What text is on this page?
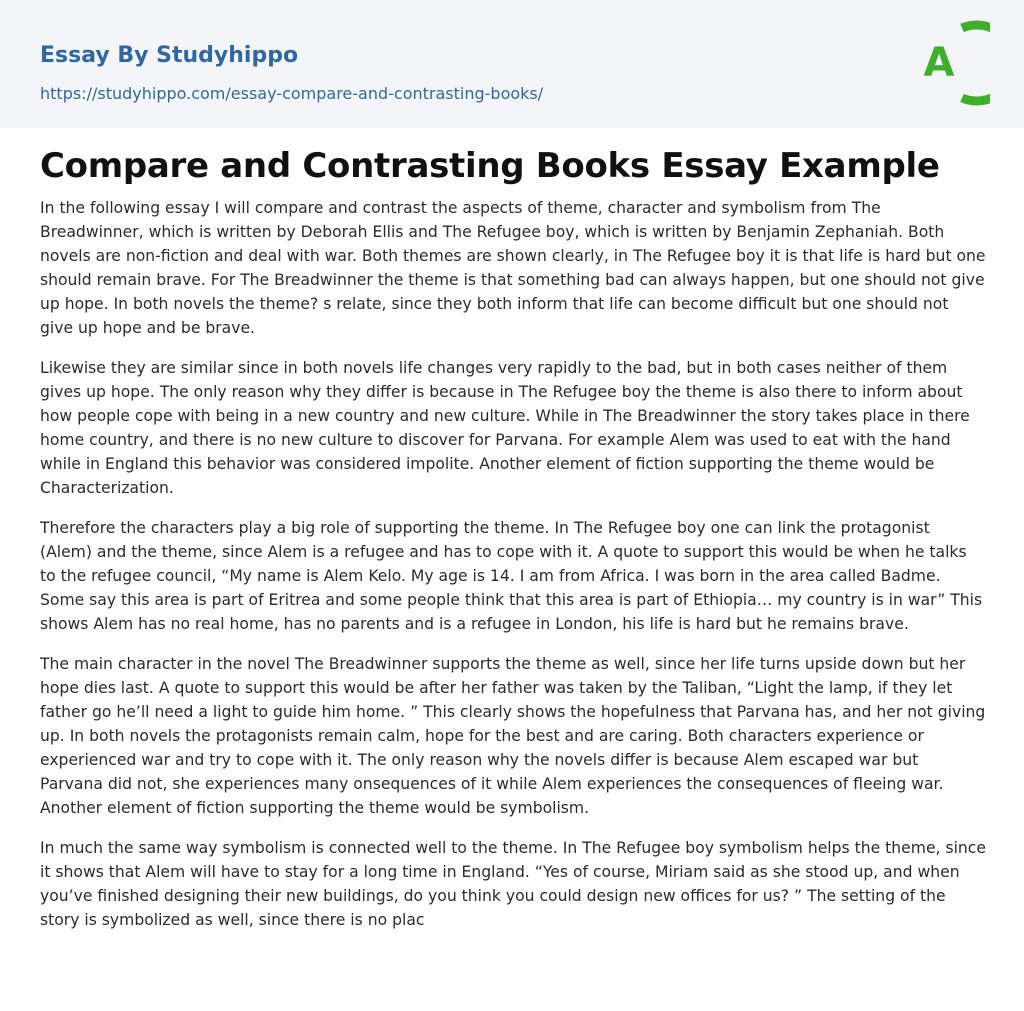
Essay By Studyhippo
https://studyhippo.com/essay-compare-and-contrasting-books/
A
Compare and Contrasting Books Essay Example

In the following essay I will compare and contrast the aspects of theme, character and symbolism from The Breadwinner, which is written by Deborah Ellis and The Refugee boy, which is written by Benjamin Zephaniah. Both novels are non-fiction and deal with war. Both themes are shown clearly, in The Refugee boy it is that life is hard but one should remain brave. For The Breadwinner the theme is that something bad can always happen, but one should not give up hope. In both novels the theme? s relate, since they both inform that life can become difficult but one should not give up hope and be brave.

Likewise they are similar since in both novels life changes very rapidly to the bad, but in both cases neither of them gives up hope. The only reason why they differ is because in The Refugee boy the theme is also there to inform about how people cope with being in a new country and new culture. While in The Breadwinner the story takes place in there home country, and there is no new culture to discover for Parvana. For example Alem was used to eat with the hand while in England this behavior was considered impolite. Another element of fiction supporting the theme would be Characterization.

Therefore the characters play a big role of supporting the theme. In The Refugee boy one can link the protagonist (Alem) and the theme, since Alem is a refugee and has to cope with it. A quote to support this would be when he talks to the refugee council, “My name is Alem Kelo. My age is 14. I am from Africa. I was born in the area called Badme. Some say this area is part of Eritrea and some people think that this area is part of Ethiopia… my country is in war” This shows Alem has no real home, has no parents and is a refugee in London, his life is hard but he remains brave.

The main character in the novel The Breadwinner supports the theme as well, since her life turns upside down but her hope dies last. A quote to support this would be after her father was taken by the Taliban, “Light the lamp, if they let father go he’ll need a light to guide him home. ” This clearly shows the hopefulness that Parvana has, and her not giving up. In both novels the protagonists remain calm, hope for the best and are caring. Both characters experience or experienced war and try to cope with it. The only reason why the novels differ is because Alem escaped war but Parvana did not, she experiences many onsequences of it while Alem experiences the consequences of fleeing war. Another element of fiction supporting the theme would be symbolism.

In much the same way symbolism is connected well to the theme. In The Refugee boy symbolism helps the theme, since it shows that Alem will have to stay for a long time in England. “Yes of course, Miriam said as she stood up, and when you’ve finished designing their new buildings, do you think you could design new offices for us? ” The setting of the story is symbolized as well, since there is no plac
